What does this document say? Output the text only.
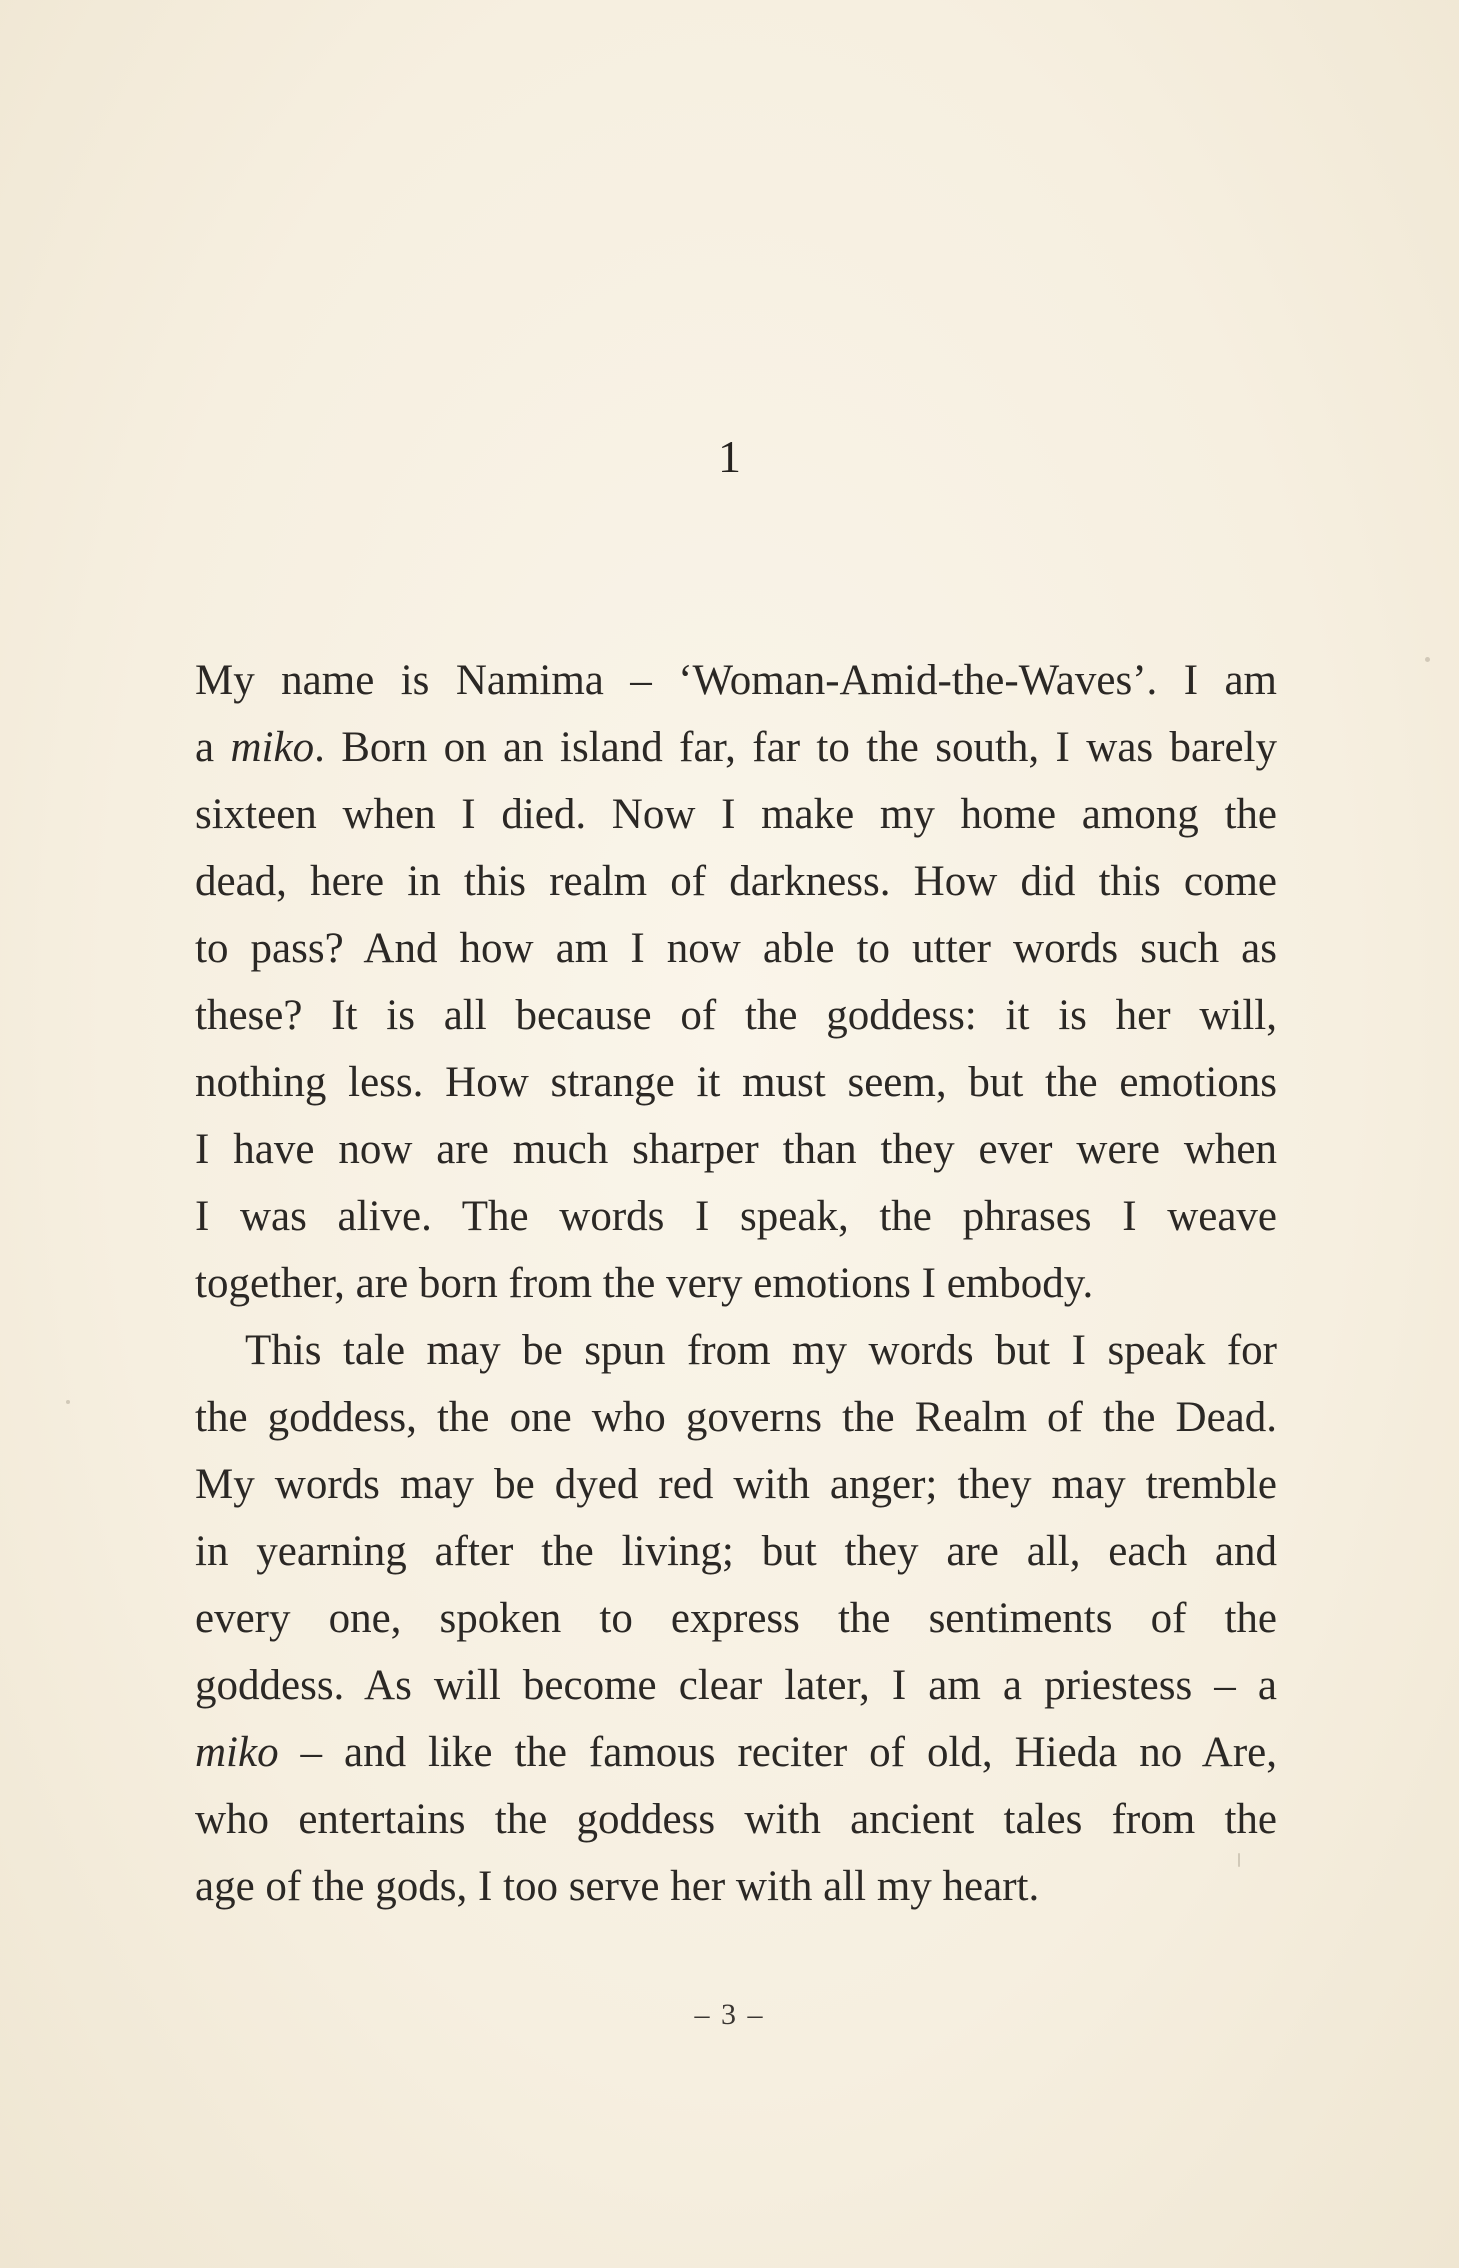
1
My name is Namima – ‘Woman-Amid-the-Waves’. I am
a miko. Born on an island far, far to the south, I was barely
sixteen when I died. Now I make my home among the
dead, here in this realm of darkness. How did this come
to pass? And how am I now able to utter words such as
these? It is all because of the goddess: it is her will,
nothing less. How strange it must seem, but the emotions
I have now are much sharper than they ever were when
I was alive. The words I speak, the phrases I weave
together, are born from the very emotions I embody.
This tale may be spun from my words but I speak for
the goddess, the one who governs the Realm of the Dead.
My words may be dyed red with anger; they may tremble
in yearning after the living; but they are all, each and
every one, spoken to express the sentiments of the
goddess. As will become clear later, I am a priestess – a
miko – and like the famous reciter of old, Hieda no Are,
who entertains the goddess with ancient tales from the
age of the gods, I too serve her with all my heart.
– 3 –
